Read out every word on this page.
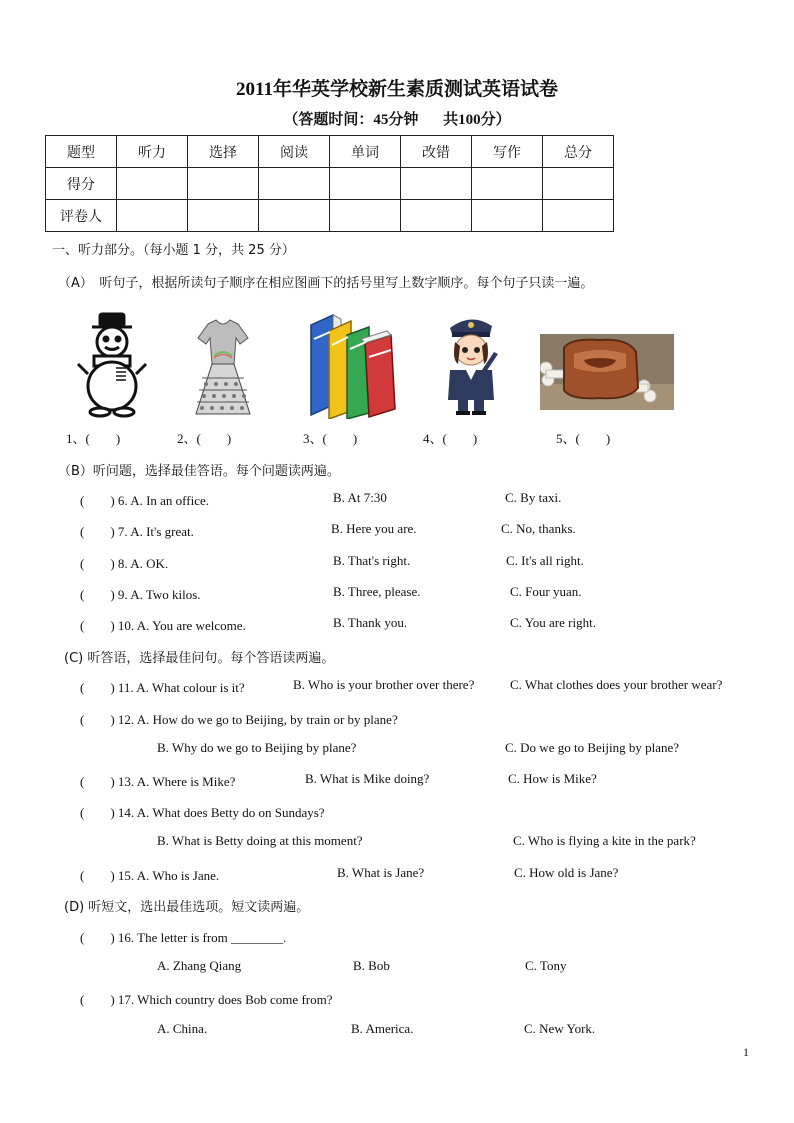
2011年华英学校新生素质测试英语试卷
（答题时间：45分钟　 共100分）
题型	听力	选择	阅读	单词	改错	写作	总分
得分							
评卷人							
一、听力部分。（每小题 1 分，共 25 分）
（A）　听句子，根据所读句子顺序在相应图画下的括号里写上数字顺序。每个句子只读一遍。
1、(　　)	2、(　　)	3、(　　)	4、(　　)	5、(　　)
（B）听问题，选择最佳答语。每个问题读两遍。
(　　) 6. A. In an office.	B. At 7:30	C. By taxi.
(　　) 7. A. It's great.	B. Here you are.	C. No, thanks.
(　　) 8. A. OK.	B. That's right.	C. It's all right.
(　　) 9. A. Two kilos.	B. Three, please.	C. Four yuan.
(　　) 10. A. You are welcome.	B. Thank you.	C. You are right.
(C) 听答语，选择最佳问句。每个答语读两遍。
(　　) 11. A. What colour is it?	B. Who is your brother over there?	C. What clothes does your brother wear?
(　　) 12. A. How do we go to Beijing, by train or by plane?
B. Why do we go to Beijing by plane?	C. Do we go to Beijing by plane?
(　　) 13. A. Where is Mike?	B. What is Mike doing?	C. How is Mike?
(　　) 14. A. What does Betty do on Sundays?
B. What is Betty doing at this moment?	C. Who is flying a kite in the park?
(　　) 15. A. Who is Jane.	B. What is Jane?	C. How old is Jane?
(D) 听短文，选出最佳选项。短文读两遍。
(　　) 16. The letter is from ________.
A. Zhang Qiang	B. Bob	C. Tony
(　　) 17. Which country does Bob come from?
A. China.	B. America.	C. New York.
1
